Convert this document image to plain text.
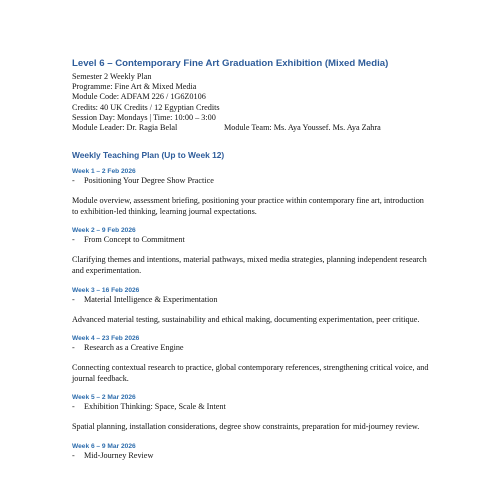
Level 6 – Contemporary Fine Art Graduation Exhibition (Mixed Media)
Semester 2 Weekly Plan
Programme: Fine Art & Mixed Media
Module Code: ADFAM 226 / 1G6Z0106
Credits: 40 UK Credits / 12 Egyptian Credits
Session Day: Mondays | Time: 10:00 – 3:00
Module Leader: Dr. Ragia Belal	Module Team: Ms. Aya Youssef. Ms. Aya Zahra
Weekly Teaching Plan (Up to Week 12)
Week 1 – 2 Feb 2026
- Positioning Your Degree Show Practice
Module overview, assessment briefing, positioning your practice within contemporary fine art, introduction to exhibition-led thinking, learning journal expectations.
Week 2 – 9 Feb 2026
- From Concept to Commitment
Clarifying themes and intentions, material pathways, mixed media strategies, planning independent research and experimentation.
Week 3 – 16 Feb 2026
- Material Intelligence & Experimentation
Advanced material testing, sustainability and ethical making, documenting experimentation, peer critique.
Week 4 – 23 Feb 2026
- Research as a Creative Engine
Connecting contextual research to practice, global contemporary references, strengthening critical voice, and journal feedback.
Week 5 – 2 Mar 2026
- Exhibition Thinking: Space, Scale & Intent
Spatial planning, installation considerations, degree show constraints, preparation for mid-journey review.
Week 6 – 9 Mar 2026
- Mid-Journey Review
